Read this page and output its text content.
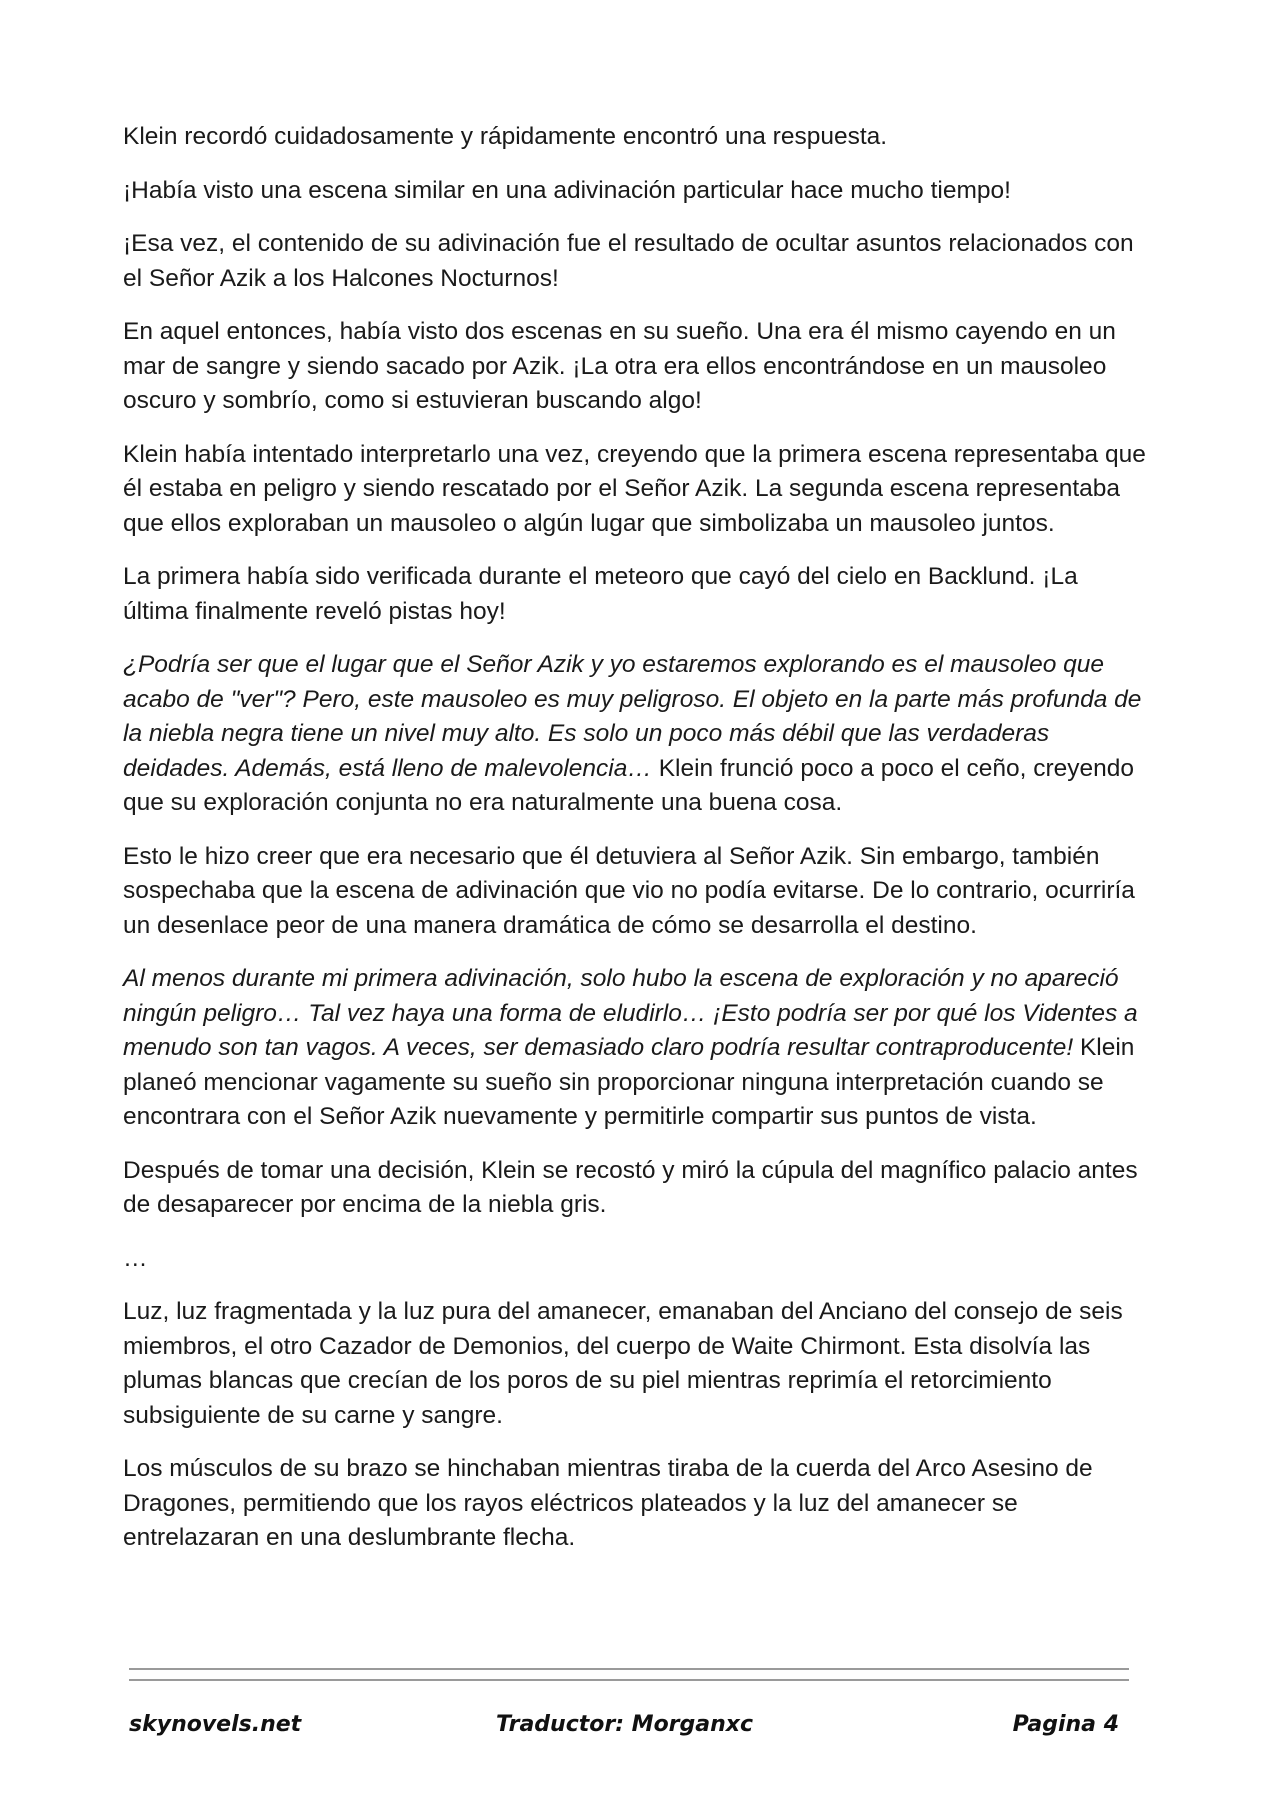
Klein recordó cuidadosamente y rápidamente encontró una respuesta.

¡Había visto una escena similar en una adivinación particular hace mucho tiempo!

¡Esa vez, el contenido de su adivinación fue el resultado de ocultar asuntos relacionados con el Señor Azik a los Halcones Nocturnos!

En aquel entonces, había visto dos escenas en su sueño. Una era él mismo cayendo en un mar de sangre y siendo sacado por Azik. ¡La otra era ellos encontrándose en un mausoleo oscuro y sombrío, como si estuvieran buscando algo!

Klein había intentado interpretarlo una vez, creyendo que la primera escena representaba que él estaba en peligro y siendo rescatado por el Señor Azik. La segunda escena representaba que ellos exploraban un mausoleo o algún lugar que simbolizaba un mausoleo juntos.

La primera había sido verificada durante el meteoro que cayó del cielo en Backlund. ¡La última finalmente reveló pistas hoy!

¿Podría ser que el lugar que el Señor Azik y yo estaremos explorando es el mausoleo que acabo de "ver"? Pero, este mausoleo es muy peligroso. El objeto en la parte más profunda de la niebla negra tiene un nivel muy alto. Es solo un poco más débil que las verdaderas deidades. Además, está lleno de malevolencia… Klein frunció poco a poco el ceño, creyendo que su exploración conjunta no era naturalmente una buena cosa.

Esto le hizo creer que era necesario que él detuviera al Señor Azik. Sin embargo, también sospechaba que la escena de adivinación que vio no podía evitarse. De lo contrario, ocurriría un desenlace peor de una manera dramática de cómo se desarrolla el destino.

Al menos durante mi primera adivinación, solo hubo la escena de exploración y no apareció ningún peligro… Tal vez haya una forma de eludirlo… ¡Esto podría ser por qué los Videntes a menudo son tan vagos. A veces, ser demasiado claro podría resultar contraproducente! Klein planeó mencionar vagamente su sueño sin proporcionar ninguna interpretación cuando se encontrara con el Señor Azik nuevamente y permitirle compartir sus puntos de vista.

Después de tomar una decisión, Klein se recostó y miró la cúpula del magnífico palacio antes de desaparecer por encima de la niebla gris.

…

Luz, luz fragmentada y la luz pura del amanecer, emanaban del Anciano del consejo de seis miembros, el otro Cazador de Demonios, del cuerpo de Waite Chirmont. Esta disolvía las plumas blancas que crecían de los poros de su piel mientras reprimía el retorcimiento subsiguiente de su carne y sangre.

Los músculos de su brazo se hinchaban mientras tiraba de la cuerda del Arco Asesino de Dragones, permitiendo que los rayos eléctricos plateados y la luz del amanecer se entrelazaran en una deslumbrante flecha.

skynovels.net	Traductor: Morganxc	Pagina 4
